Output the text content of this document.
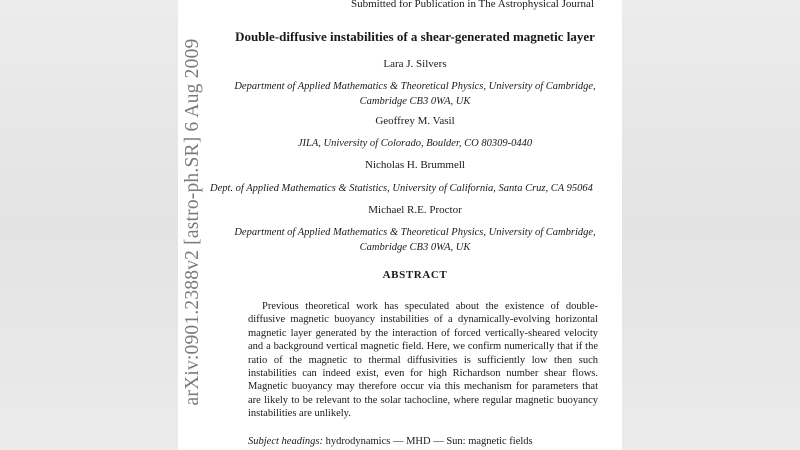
Submitted for Publication in The Astrophysical Journal
arXiv:0901.2388v2 [astro-ph.SR] 6 Aug 2009
Double-diffusive instabilities of a shear-generated magnetic layer
Lara J. Silvers
Department of Applied Mathematics & Theoretical Physics, University of Cambridge,
Cambridge CB3 0WA, UK
Geoffrey M. Vasil
JILA, University of Colorado, Boulder, CO 80309-0440
Nicholas H. Brummell
Dept. of Applied Mathematics & Statistics, University of California, Santa Cruz, CA 95064
Michael R.E. Proctor
Department of Applied Mathematics & Theoretical Physics, University of Cambridge,
Cambridge CB3 0WA, UK
ABSTRACT
Previous theoretical work has speculated about the existence of double-diffusive magnetic buoyancy instabilities of a dynamically-evolving horizontal magnetic layer generated by the interaction of forced vertically-sheared velocity and a background vertical magnetic field. Here, we confirm numerically that if the ratio of the magnetic to thermal diffusivities is sufficiently low then such instabilities can indeed exist, even for high Richardson number shear flows. Magnetic buoyancy may therefore occur via this mechanism for parameters that are likely to be relevant to the solar tachocline, where regular magnetic buoyancy instabilities are unlikely.
Subject headings: hydrodynamics — MHD — Sun: magnetic fields
